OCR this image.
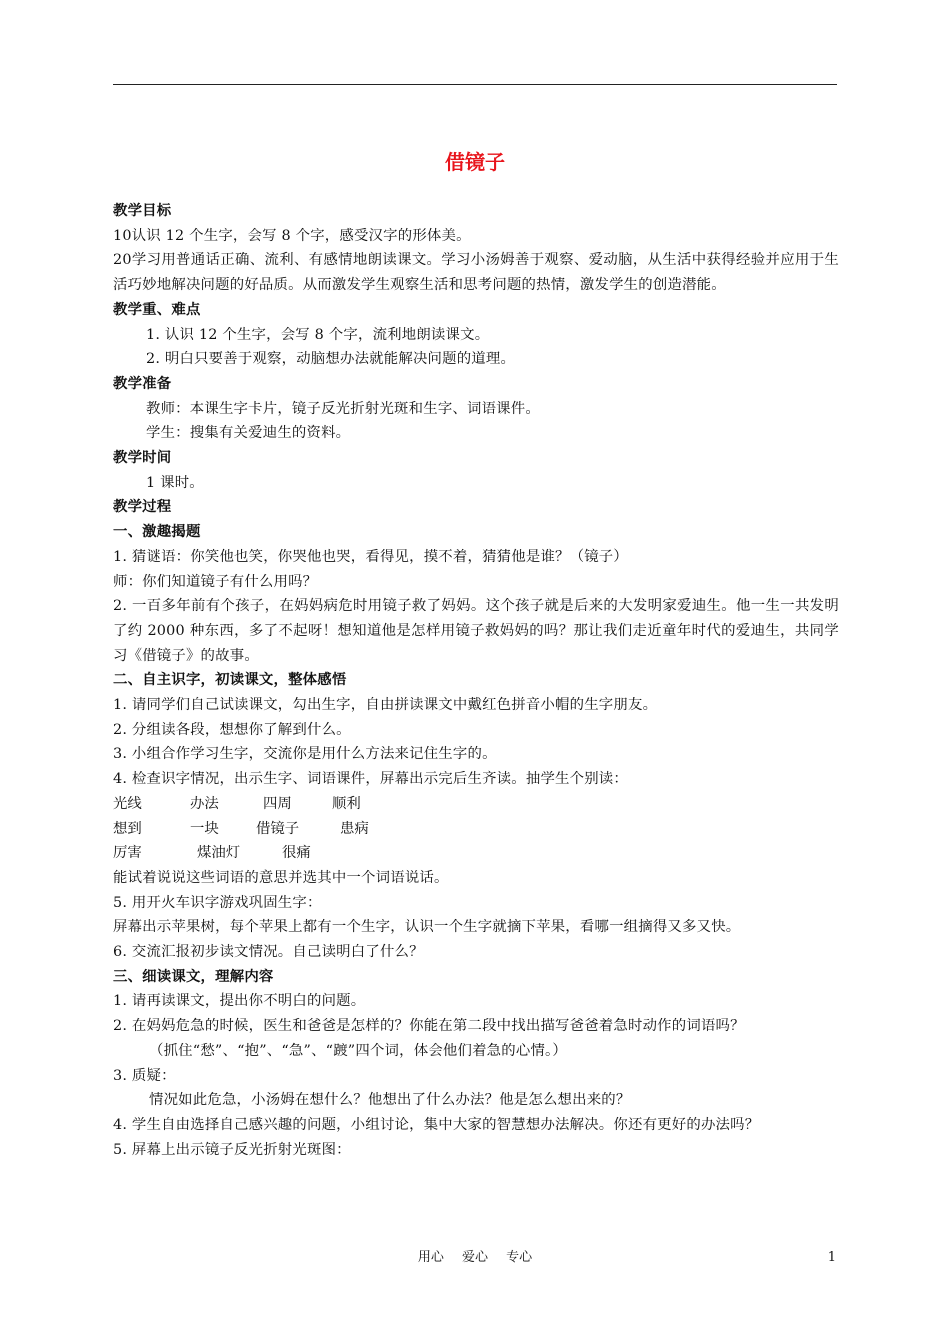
借镜子
教学目标
10认识 12 个生字，会写 8 个字，感受汉字的形体美。
20学习用普通话正确、流利、有感情地朗读课文。学习小汤姆善于观察、爱动脑，从生活中获得经验并应用于生活巧妙地解决问题的好品质。从而激发学生观察生活和思考问题的热情，激发学生的创造潜能。
教学重、难点
1. 认识 12 个生字，会写 8 个字，流利地朗读课文。
2. 明白只要善于观察，动脑想办法就能解决问题的道理。
教学准备
教师：本课生字卡片，镜子反光折射光斑和生字、词语课件。
学生：搜集有关爱迪生的资料。
教学时间
1 课时。
教学过程
一、激趣揭题
1. 猜谜语：你笑他也笑，你哭他也哭，看得见，摸不着，猜猜他是谁？（镜子）
师：你们知道镜子有什么用吗？
2. 一百多年前有个孩子，在妈妈病危时用镜子救了妈妈。这个孩子就是后来的大发明家爱迪生。他一生一共发明了约 2000 种东西，多了不起呀！想知道他是怎样用镜子救妈妈的吗？那让我们走近童年时代的爱迪生，共同学习《借镜子》的故事。
二、自主识字，初读课文，整体感悟
1. 请同学们自己试读课文，勾出生字，自由拼读课文中戴红色拼音小帽的生字朋友。
2. 分组读各段，想想你了解到什么。
3. 小组合作学习生字，交流你是用什么方法来记住生字的。
4. 检查识字情况，出示生字、词语课件，屏幕出示完后生齐读。抽学生个别读：
光线	办法	四周	顺利
想到	一块	借镜子	患病
厉害	煤油灯	很痛
能试着说说这些词语的意思并选其中一个词语说话。
5. 用开火车识字游戏巩固生字：
屏幕出示苹果树，每个苹果上都有一个生字，认识一个生字就摘下苹果，看哪一组摘得又多又快。
6. 交流汇报初步读文情况。自己读明白了什么？
三、细读课文，理解内容
1. 请再读课文，提出你不明白的问题。
2. 在妈妈危急的时候，医生和爸爸是怎样的？你能在第二段中找出描写爸爸着急时动作的词语吗？
（抓住“愁”、“抱”、“急”、“踱”四个词，体会他们着急的心情。）
3. 质疑：
情况如此危急，小汤姆在想什么？他想出了什么办法？他是怎么想出来的？
4. 学生自由选择自己感兴趣的问题，小组讨论，集中大家的智慧想办法解决。你还有更好的办法吗？
5. 屏幕上出示镜子反光折射光斑图：
用心 爱心 专心	1
